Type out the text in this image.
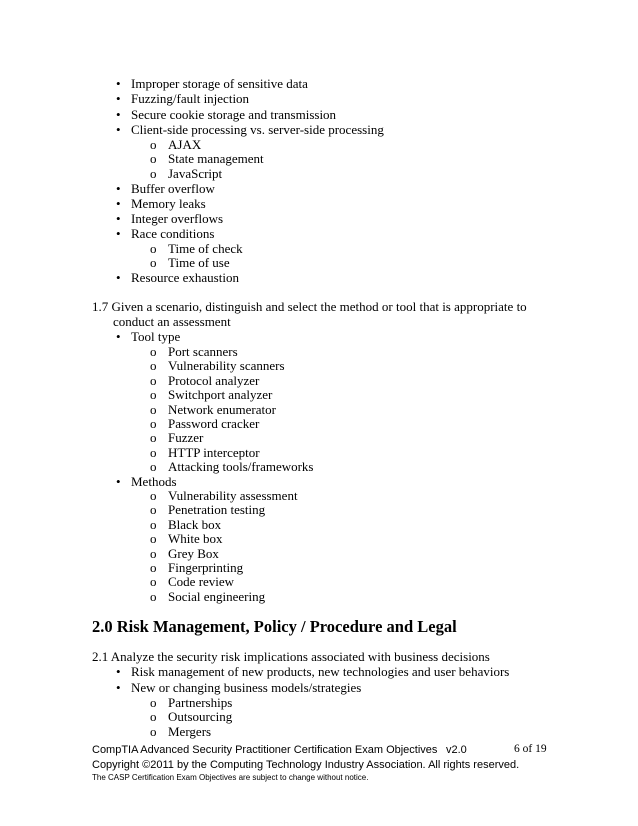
• Improper storage of sensitive data
• Fuzzing/fault injection
• Secure cookie storage and transmission
• Client-side processing vs. server-side processing
o AJAX
o State management
o JavaScript
• Buffer overflow
• Memory leaks
• Integer overflows
• Race conditions
o Time of check
o Time of use
• Resource exhaustion
1.7 Given a scenario, distinguish and select the method or tool that is appropriate to
conduct an assessment
• Tool type
o Port scanners
o Vulnerability scanners
o Protocol analyzer
o Switchport analyzer
o Network enumerator
o Password cracker
o Fuzzer
o HTTP interceptor
o Attacking tools/frameworks
• Methods
o Vulnerability assessment
o Penetration testing
o Black box
o White box
o Grey Box
o Fingerprinting
o Code review
o Social engineering
2.0 Risk Management, Policy / Procedure and Legal
2.1 Analyze the security risk implications associated with business decisions
• Risk management of new products, new technologies and user behaviors
• New or changing business models/strategies
o Partnerships
o Outsourcing
o Mergers
CompTIA Advanced Security Practitioner Certification Exam Objectives v2.0	6 of 19
Copyright ©2011 by the Computing Technology Industry Association. All rights reserved.
The CASP Certification Exam Objectives are subject to change without notice.
